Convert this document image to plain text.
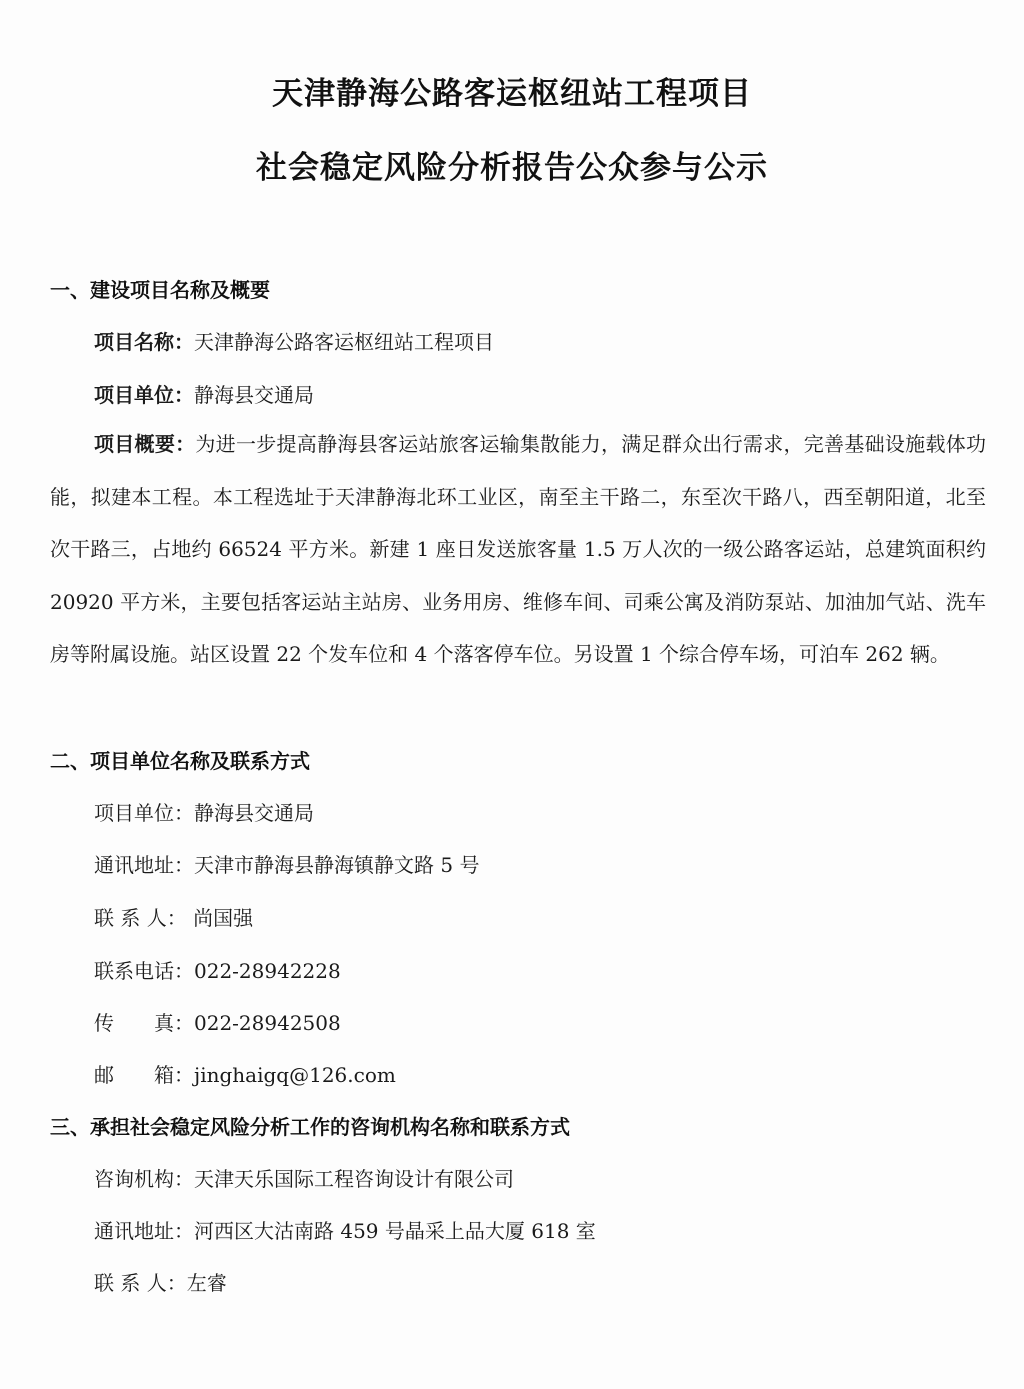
天津静海公路客运枢纽站工程项目
社会稳定风险分析报告公众参与公示
一、建设项目名称及概要
项目名称：天津静海公路客运枢纽站工程项目
项目单位：静海县交通局
项目概要：为进一步提高静海县客运站旅客运输集散能力，满足群众出行需求，完善基础设施载体功能，拟建本工程。本工程选址于天津静海北环工业区，南至主干路二，东至次干路八，西至朝阳道，北至次干路三，占地约 66524 平方米。新建 1 座日发送旅客量 1.5 万人次的一级公路客运站，总建筑面积约 20920 平方米，主要包括客运站主站房、业务用房、维修车间、司乘公寓及消防泵站、加油加气站、洗车房等附属设施。站区设置 22 个发车位和 4 个落客停车位。另设置 1 个综合停车场，可泊车 262 辆。
二、项目单位名称及联系方式
项目单位：静海县交通局
通讯地址：天津市静海县静海镇静文路 5 号
联 系 人： 尚国强
联系电话：022-28942228
传　　真：022-28942508
邮　　箱：jinghaigq@126.com
三、承担社会稳定风险分析工作的咨询机构名称和联系方式
咨询机构：天津天乐国际工程咨询设计有限公司
通讯地址：河西区大沽南路 459 号晶采上品大厦 618 室
联 系 人：左睿
